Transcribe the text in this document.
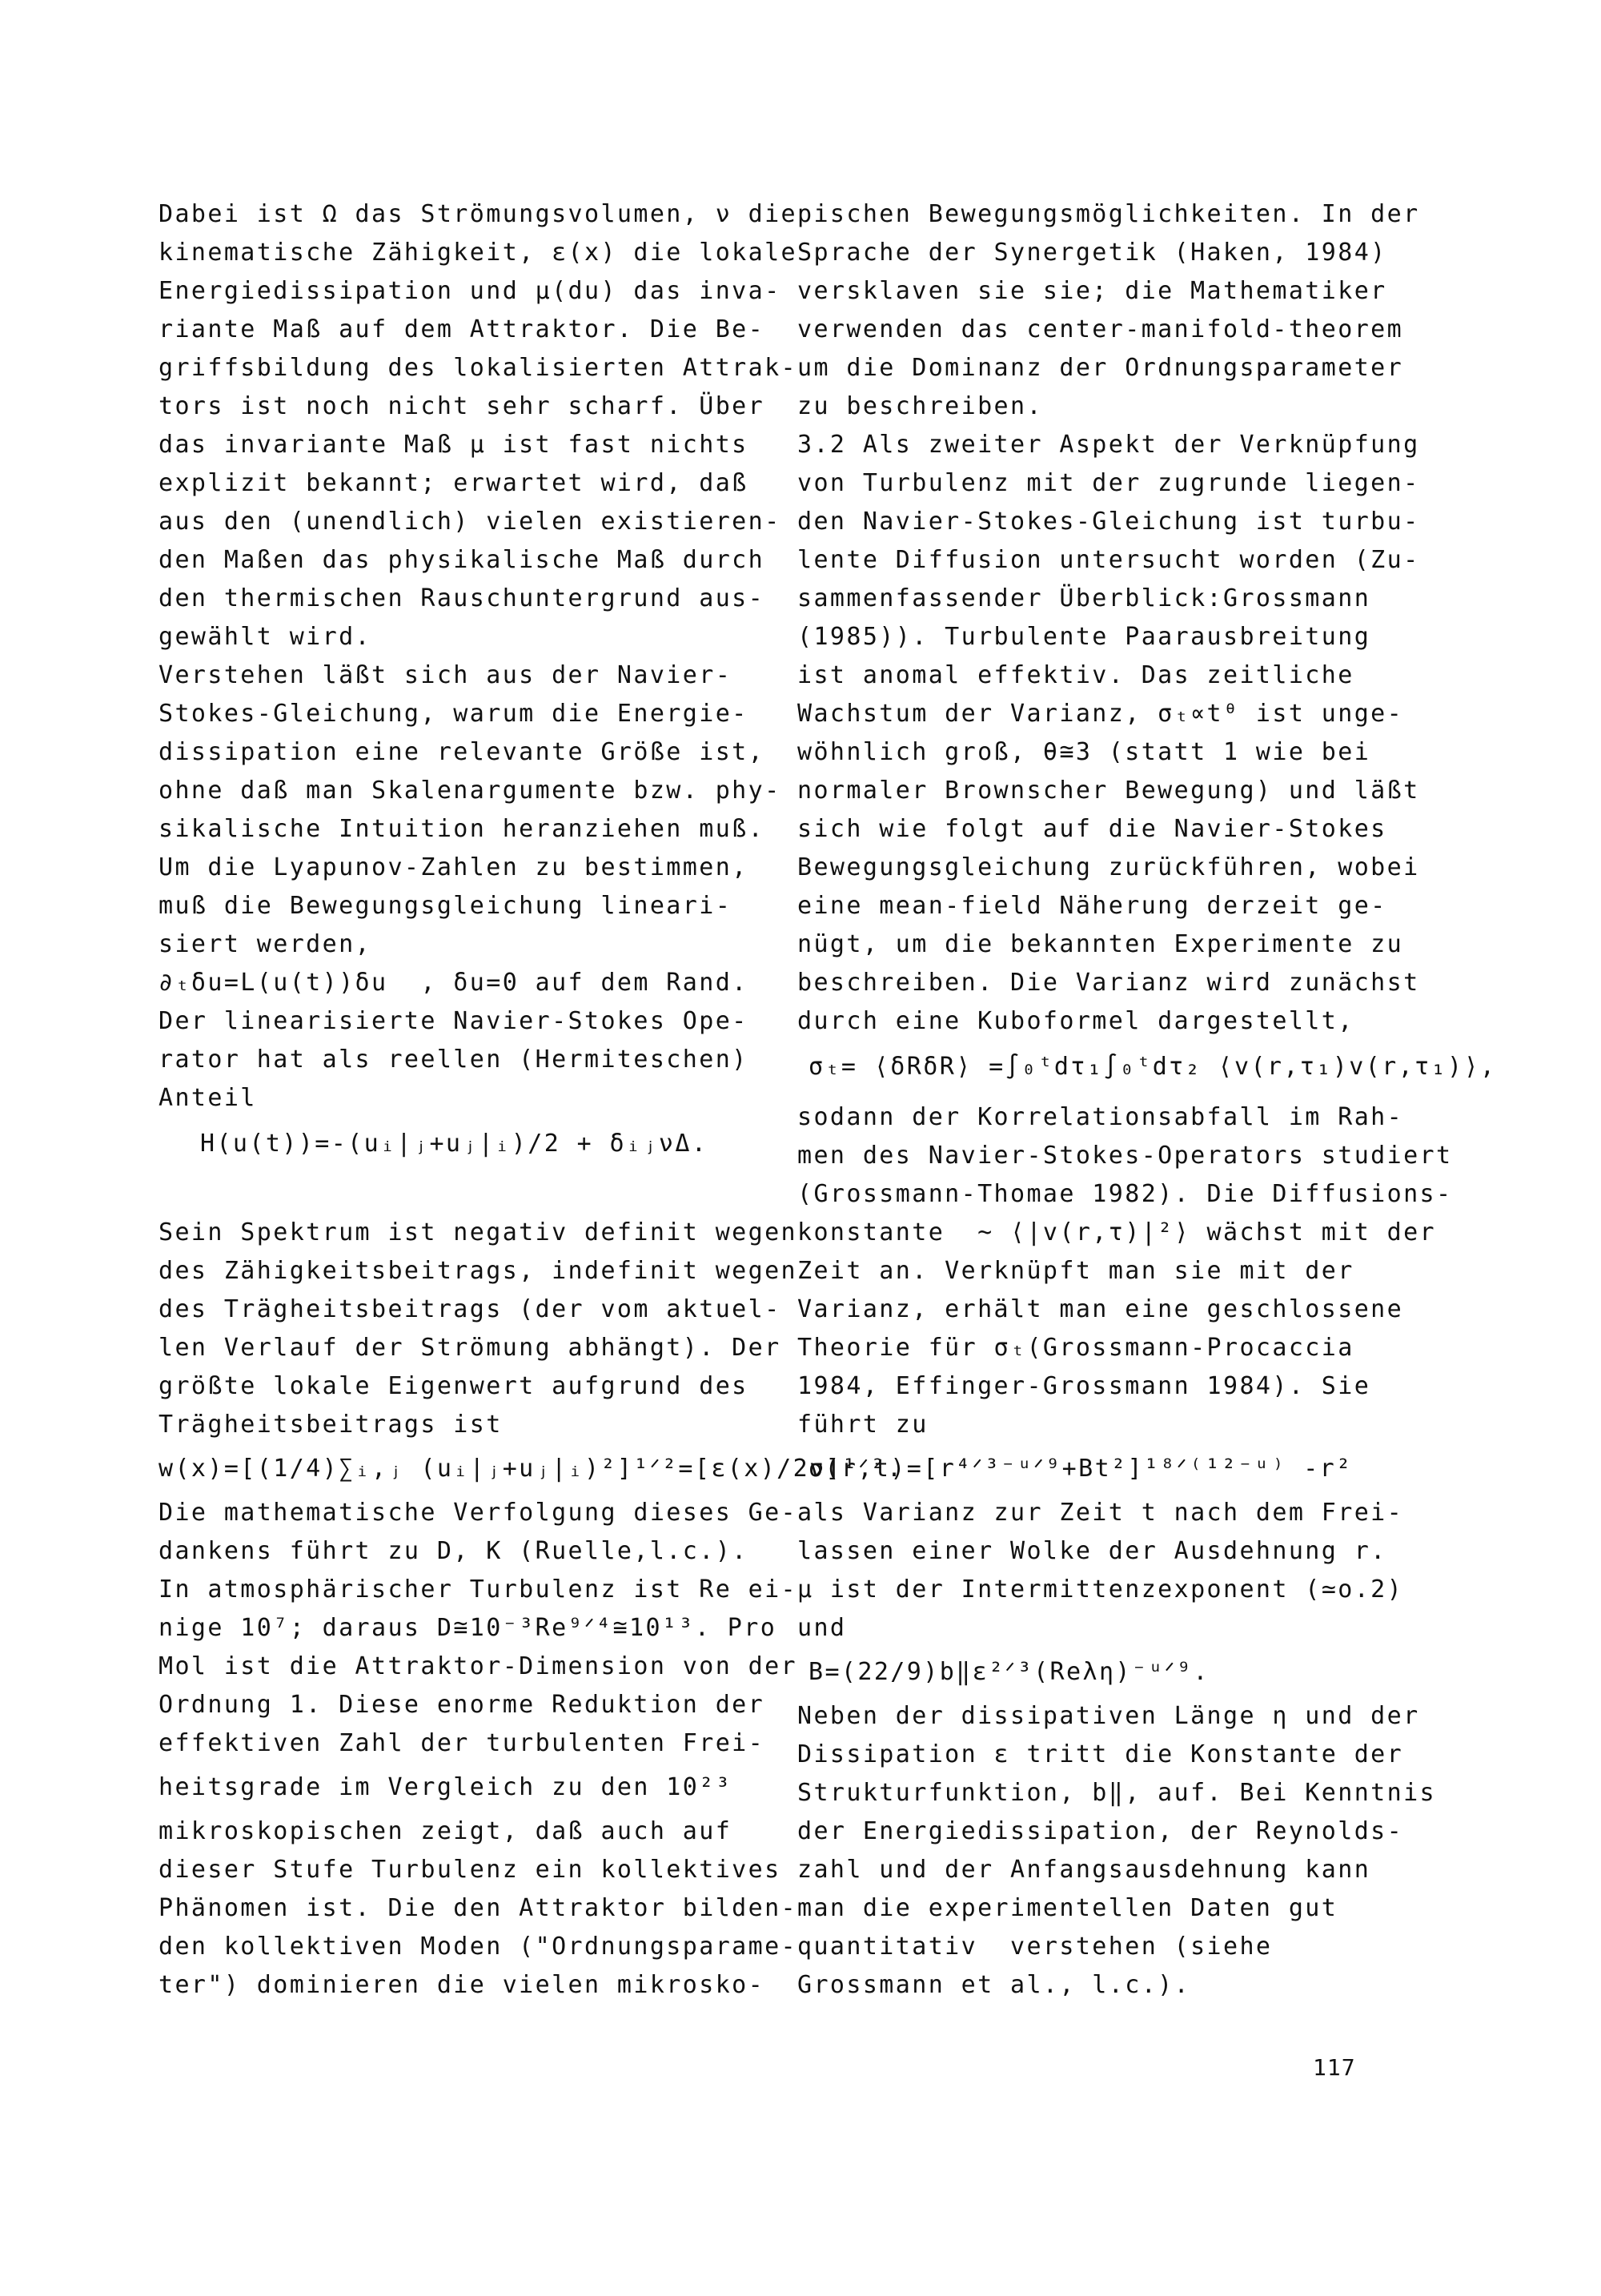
Dabei ist Ω das Strömungsvolumen, ν die
kinematische Zähigkeit, ε(x) die lokale
Energiedissipation und μ(du) das inva-
riante Maß auf dem Attraktor. Die Be-
griffsbildung des lokalisierten Attrak-
tors ist noch nicht sehr scharf. Über
das invariante Maß μ ist fast nichts
explizit bekannt; erwartet wird, daß
aus den (unendlich) vielen existieren-
den Maßen das physikalische Maß durch
den thermischen Rauschuntergrund aus-
gewählt wird.
Verstehen läßt sich aus der Navier-
Stokes-Gleichung, warum die Energie-
dissipation eine relevante Größe ist,
ohne daß man Skalenargumente bzw. phy-
sikalische Intuition heranziehen muß.
Um die Lyapunov-Zahlen zu bestimmen,
muß die Bewegungsgleichung lineari-
siert werden,
∂ₜδu=L(u(t))δu  , δu=0 auf dem Rand.
Der linearisierte Navier-Stokes Ope-
rator hat als reellen (Hermiteschen)
Anteil
H(u(t))=-(uᵢ|ⱼ+uⱼ|ᵢ)/2 + δᵢⱼνΔ.
Sein Spektrum ist negativ definit wegen
des Zähigkeitsbeitrags, indefinit wegen
des Trägheitsbeitrags (der vom aktuel-
len Verlauf der Strömung abhängt). Der
größte lokale Eigenwert aufgrund des
Trägheitsbeitrags ist
w(x)=[(1/4)∑ᵢ,ⱼ (uᵢ|ⱼ+uⱼ|ᵢ)²]¹ᐟ²=[ε(x)/2ν]¹ᐟ².
Die mathematische Verfolgung dieses Ge-
dankens führt zu D, K (Ruelle,l.c.).
In atmosphärischer Turbulenz ist Re ei-
nige 10⁷; daraus D≅10⁻³Re⁹ᐟ⁴≅10¹³. Pro
Mol ist die Attraktor-Dimension von der
Ordnung 1. Diese enorme Reduktion der
effektiven Zahl der turbulenten Frei-
heitsgrade im Vergleich zu den 10²³
mikroskopischen zeigt, daß auch auf
dieser Stufe Turbulenz ein kollektives
Phänomen ist. Die den Attraktor bilden-
den kollektiven Moden ("Ordnungsparame-
ter") dominieren die vielen mikrosko-
pischen Bewegungsmöglichkeiten. In der
Sprache der Synergetik (Haken, 1984)
versklaven sie sie; die Mathematiker
verwenden das center-manifold-theorem
um die Dominanz der Ordnungsparameter
zu beschreiben.
3.2 Als zweiter Aspekt der Verknüpfung
von Turbulenz mit der zugrunde liegen-
den Navier-Stokes-Gleichung ist turbu-
lente Diffusion untersucht worden (Zu-
sammenfassender Überblick:Grossmann
(1985)). Turbulente Paarausbreitung
ist anomal effektiv. Das zeitliche
Wachstum der Varianz, σₜ∝tᶿ ist unge-
wöhnlich groß, θ≅3 (statt 1 wie bei
normaler Brownscher Bewegung) und läßt
sich wie folgt auf die Navier-Stokes
Bewegungsgleichung zurückführen, wobei
eine mean-field Näherung derzeit ge-
nügt, um die bekannten Experimente zu
beschreiben. Die Varianz wird zunächst
durch eine Kuboformel dargestellt,
σₜ= ⟨δRδR⟩ =∫₀ᵗdτ₁∫₀ᵗdτ₂ ⟨v(r,τ₁)v(r,τ₁)⟩,
sodann der Korrelationsabfall im Rah-
men des Navier-Stokes-Operators studiert
(Grossmann-Thomae 1982). Die Diffusions-
konstante  ~ ⟨|v(r,τ)|²⟩ wächst mit der
Zeit an. Verknüpft man sie mit der
Varianz, erhält man eine geschlossene
Theorie für σₜ(Grossmann-Procaccia
1984, Effinger-Grossmann 1984). Sie
führt zu
σ(r,t)=[r⁴ᐟ³⁻ᵘᐟ⁹+Bt²]¹⁸ᐟ⁽¹²⁻ᵘ⁾ -r²
als Varianz zur Zeit t nach dem Frei-
lassen einer Wolke der Ausdehnung r.
μ ist der Intermittenzexponent (≃o.2)
und
B=(22/9)b‖ε²ᐟ³(Reλη)⁻ᵘᐟ⁹.
Neben der dissipativen Länge η und der
Dissipation ε tritt die Konstante der
Strukturfunktion, b‖, auf. Bei Kenntnis
der Energiedissipation, der Reynolds-
zahl und der Anfangsausdehnung kann
man die experimentellen Daten gut
quantitativ  verstehen (siehe
Grossmann et al., l.c.).
117
